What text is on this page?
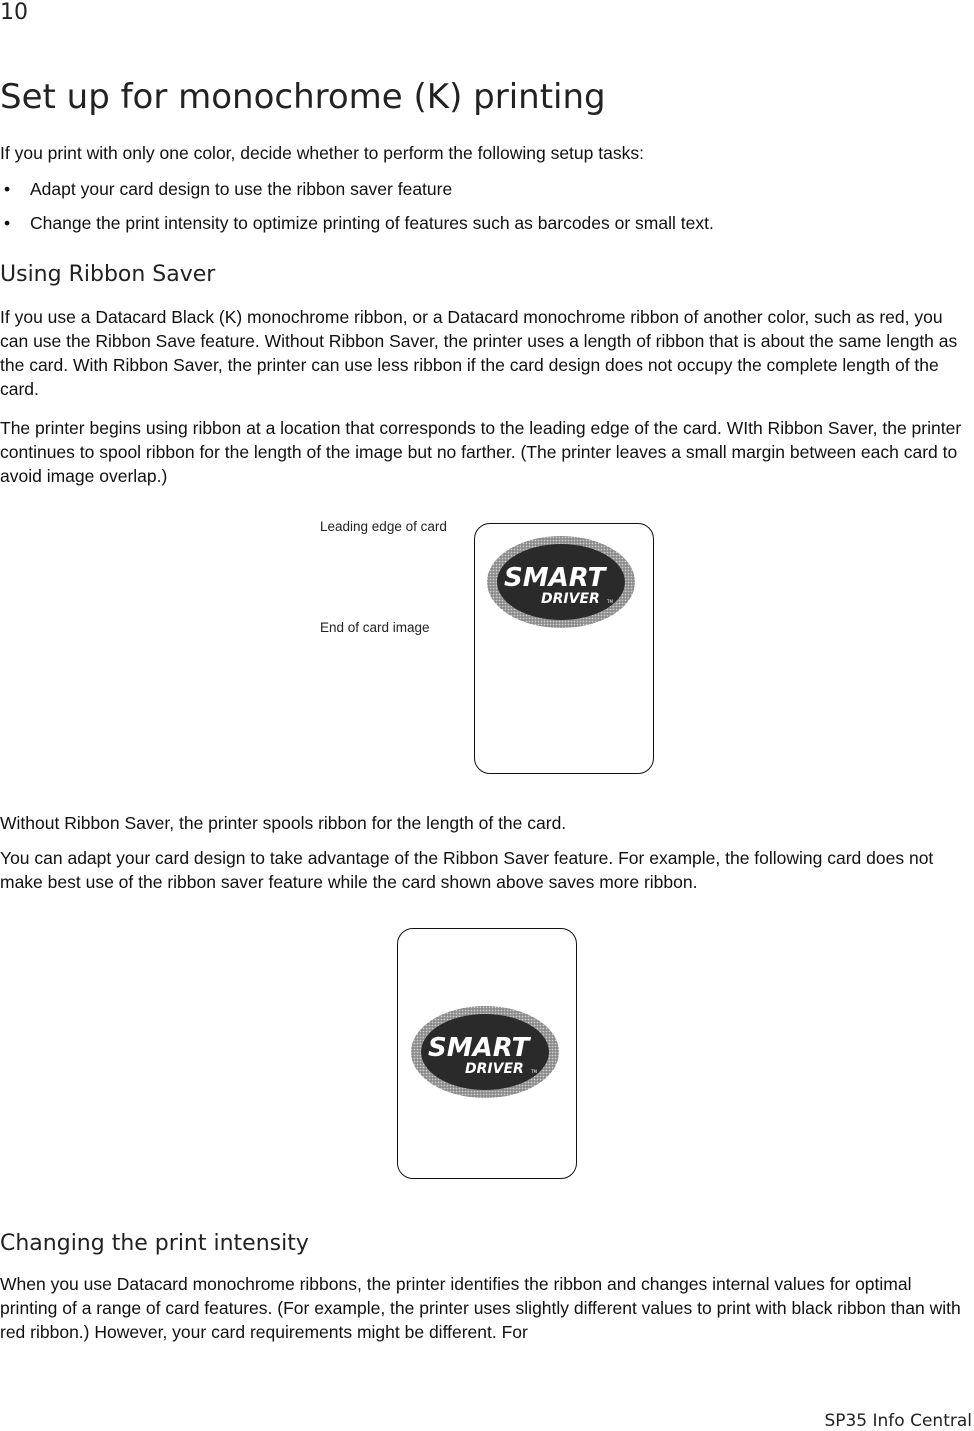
10
Set up for monochrome (K) printing

If you print with only one color, decide whether to perform the following setup tasks:

• Adapt your card design to use the ribbon saver feature
• Change the print intensity to optimize printing of features such as barcodes or small text.
Using Ribbon Saver

If you use a Datacard Black (K) monochrome ribbon, or a Datacard monochrome ribbon of another color, such as red, you can use the Ribbon Save feature. Without Ribbon Saver, the printer uses a length of ribbon that is about the same length as the card. With Ribbon Saver, the printer can use less ribbon if the card design does not occupy the complete length of the card.

The printer begins using ribbon at a location that corresponds to the leading edge of the card. WIth Ribbon Saver, the printer continues to spool ribbon for the length of the image but no farther. (The printer leaves a small margin between each card to avoid image overlap.)

Leading edge of card
End of card image
SMART
DRIVER TM

Without Ribbon Saver, the printer spools ribbon for the length of the card.

You can adapt your card design to take advantage of the Ribbon Saver feature. For example, the following card does not make best use of the ribbon saver feature while the card shown above saves more ribbon.

SMART
DRIVER TM
Changing the print intensity

When you use Datacard monochrome ribbons, the printer identifies the ribbon and changes internal values for optimal printing of a range of card features. (For example, the printer uses slightly different values to print with black ribbon than with red ribbon.) However, your card requirements might be different. For

SP35 Info Central
